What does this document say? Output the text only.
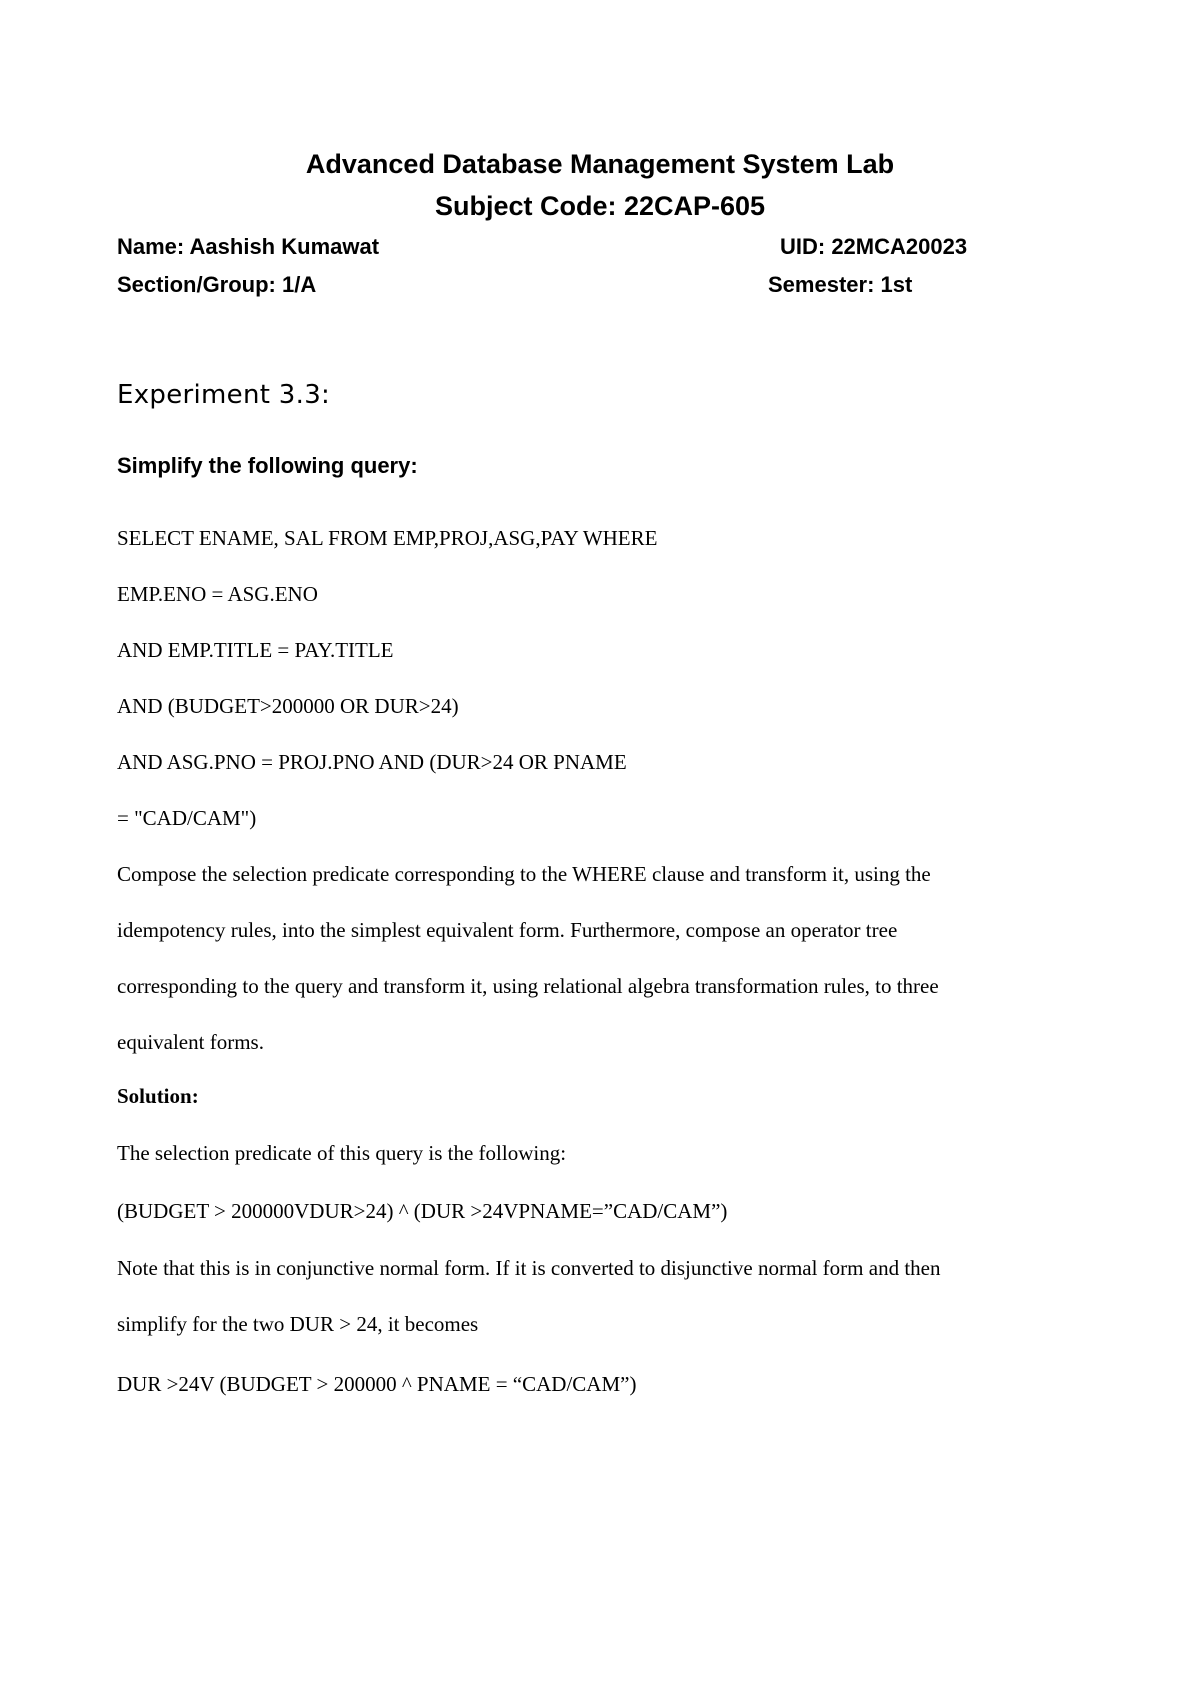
Advanced Database Management System Lab
Subject Code: 22CAP-605
Name: Aashish Kumawat	UID: 22MCA20023
Section/Group: 1/A	Semester: 1st
Experiment 3.3:
Simplify the following query:
SELECT ENAME, SAL FROM EMP,PROJ,ASG,PAY WHERE
EMP.ENO = ASG.ENO
AND EMP.TITLE = PAY.TITLE
AND (BUDGET>200000 OR DUR>24)
AND ASG.PNO = PROJ.PNO AND (DUR>24 OR PNAME
= "CAD/CAM")
Compose the selection predicate corresponding to the WHERE clause and transform it, using the
idempotency rules, into the simplest equivalent form. Furthermore, compose an operator tree
corresponding to the query and transform it, using relational algebra transformation rules, to three
equivalent forms.
Solution:
The selection predicate of this query is the following:
(BUDGET > 200000VDUR>24) ^ (DUR >24VPNAME=”CAD/CAM”)
Note that this is in conjunctive normal form. If it is converted to disjunctive normal form and then
simplify for the two DUR > 24, it becomes
DUR >24V (BUDGET > 200000 ^ PNAME = “CAD/CAM”)
